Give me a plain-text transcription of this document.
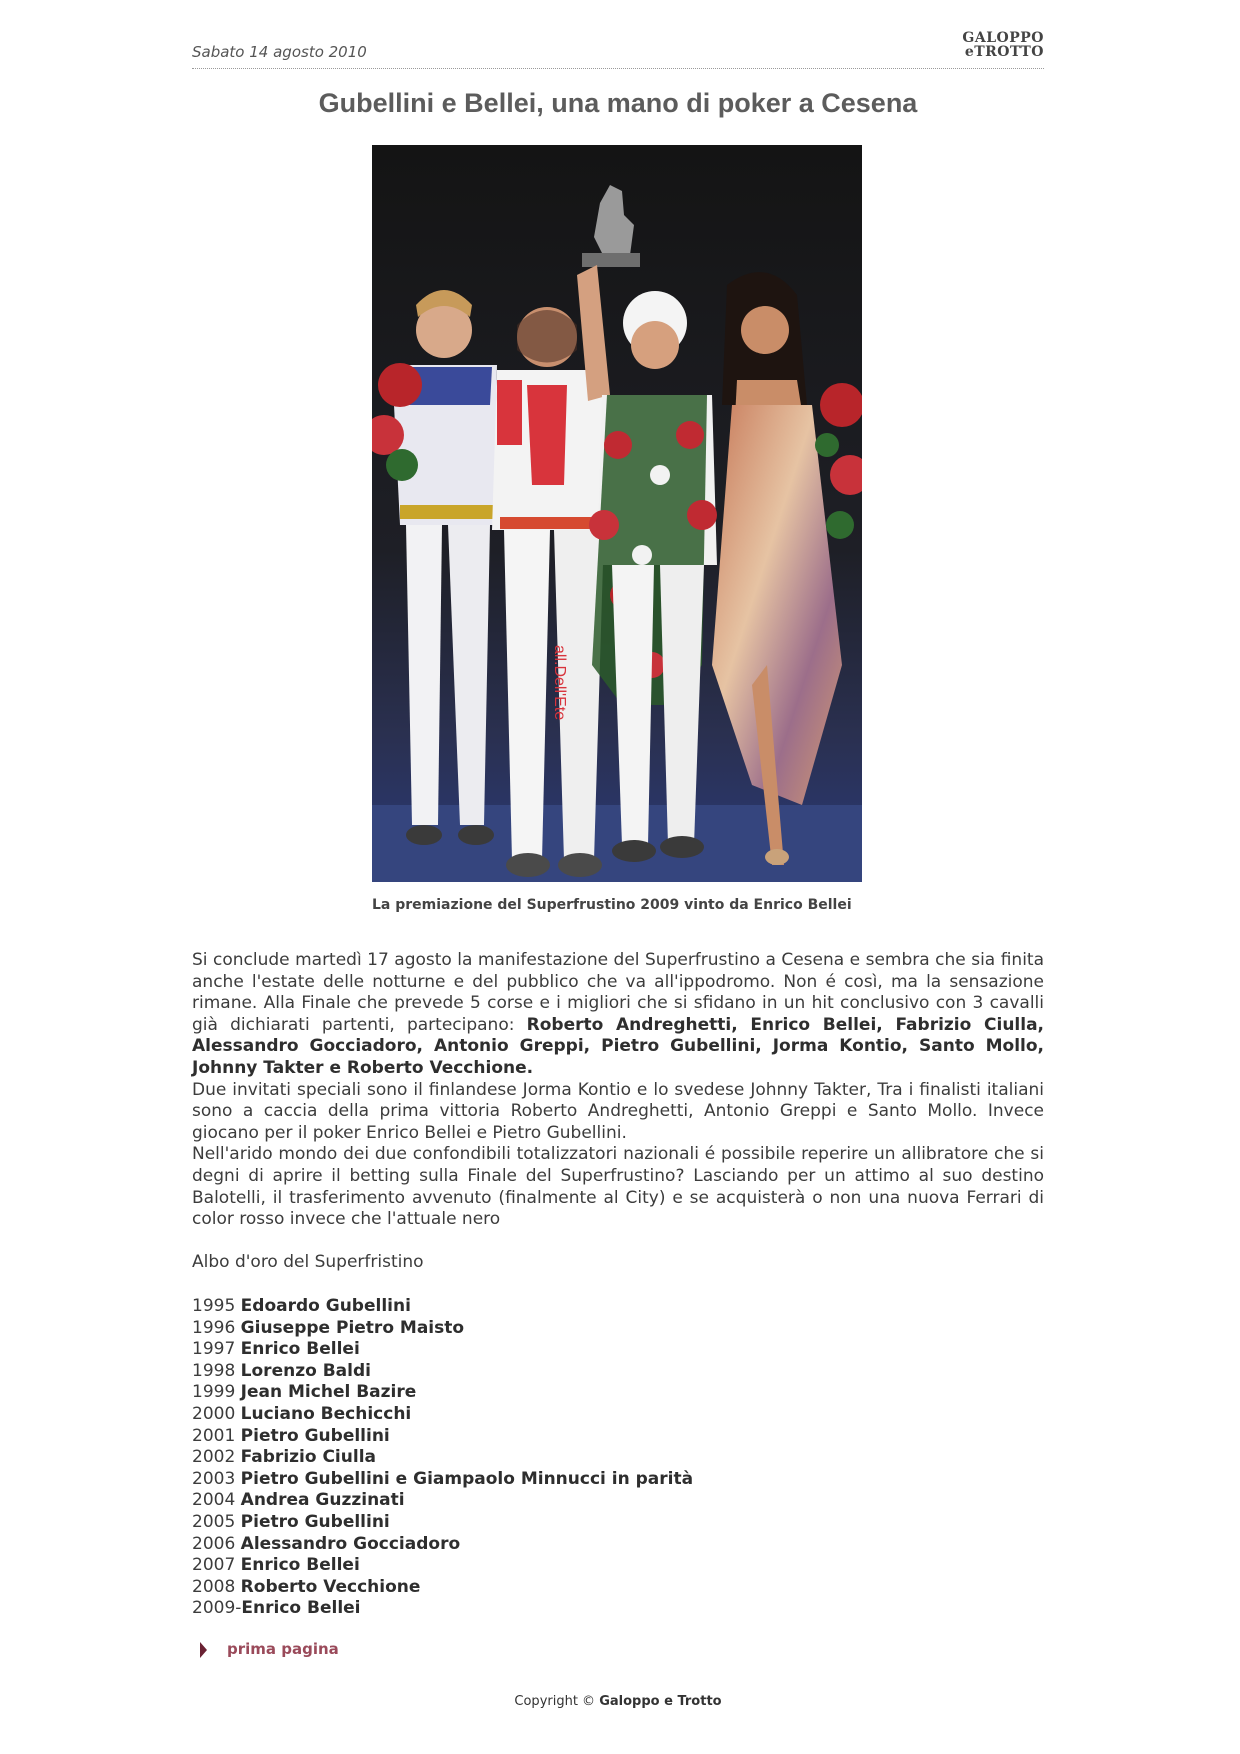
Sabato 14 agosto 2010
GALOPPO
eTROTTO
Gubellini e Bellei, una mano di poker a Cesena
all.Dell'Ete
La premiazione del Superfrustino 2009 vinto da Enrico Bellei

Si conclude martedì 17 agosto la manifestazione del Superfrustino a Cesena e sembra che sia finita anche l'estate delle notturne e del pubblico che va all'ippodromo. Non é così, ma la sensazione rimane. Alla Finale che prevede 5 corse e i migliori che si sfidano in un hit conclusivo con 3 cavalli già dichiarati partenti, partecipano: Roberto Andreghetti, Enrico Bellei, Fabrizio Ciulla, Alessandro Gocciadoro, Antonio Greppi, Pietro Gubellini, Jorma Kontio, Santo Mollo, Johnny Takter e Roberto Vecchione.

Due invitati speciali sono il finlandese Jorma Kontio e lo svedese Johnny Takter, Tra i finalisti italiani sono a caccia della prima vittoria Roberto Andreghetti, Antonio Greppi e Santo Mollo. Invece giocano per il poker Enrico Bellei e Pietro Gubellini.

Nell'arido mondo dei due confondibili totalizzatori nazionali é possibile reperire un allibratore che si degni di aprire il betting sulla Finale del Superfrustino? Lasciando per un attimo al suo destino Balotelli, il trasferimento avvenuto (finalmente al City) e se acquisterà o non una nuova Ferrari di color rosso invece che l'attuale nero

Albo d'oro del Superfristino
1995 Edoardo Gubellini
1996 Giuseppe Pietro Maisto
1997 Enrico Bellei
1998 Lorenzo Baldi
1999 Jean Michel Bazire
2000 Luciano Bechicchi
2001 Pietro Gubellini
2002 Fabrizio Ciulla
2003 Pietro Gubellini e Giampaolo Minnucci in parità
2004 Andrea Guzzinati
2005 Pietro Gubellini
2006 Alessandro Gocciadoro
2007 Enrico Bellei
2008 Roberto Vecchione
2009-Enrico Bellei
prima pagina
Copyright © Galoppo e Trotto
